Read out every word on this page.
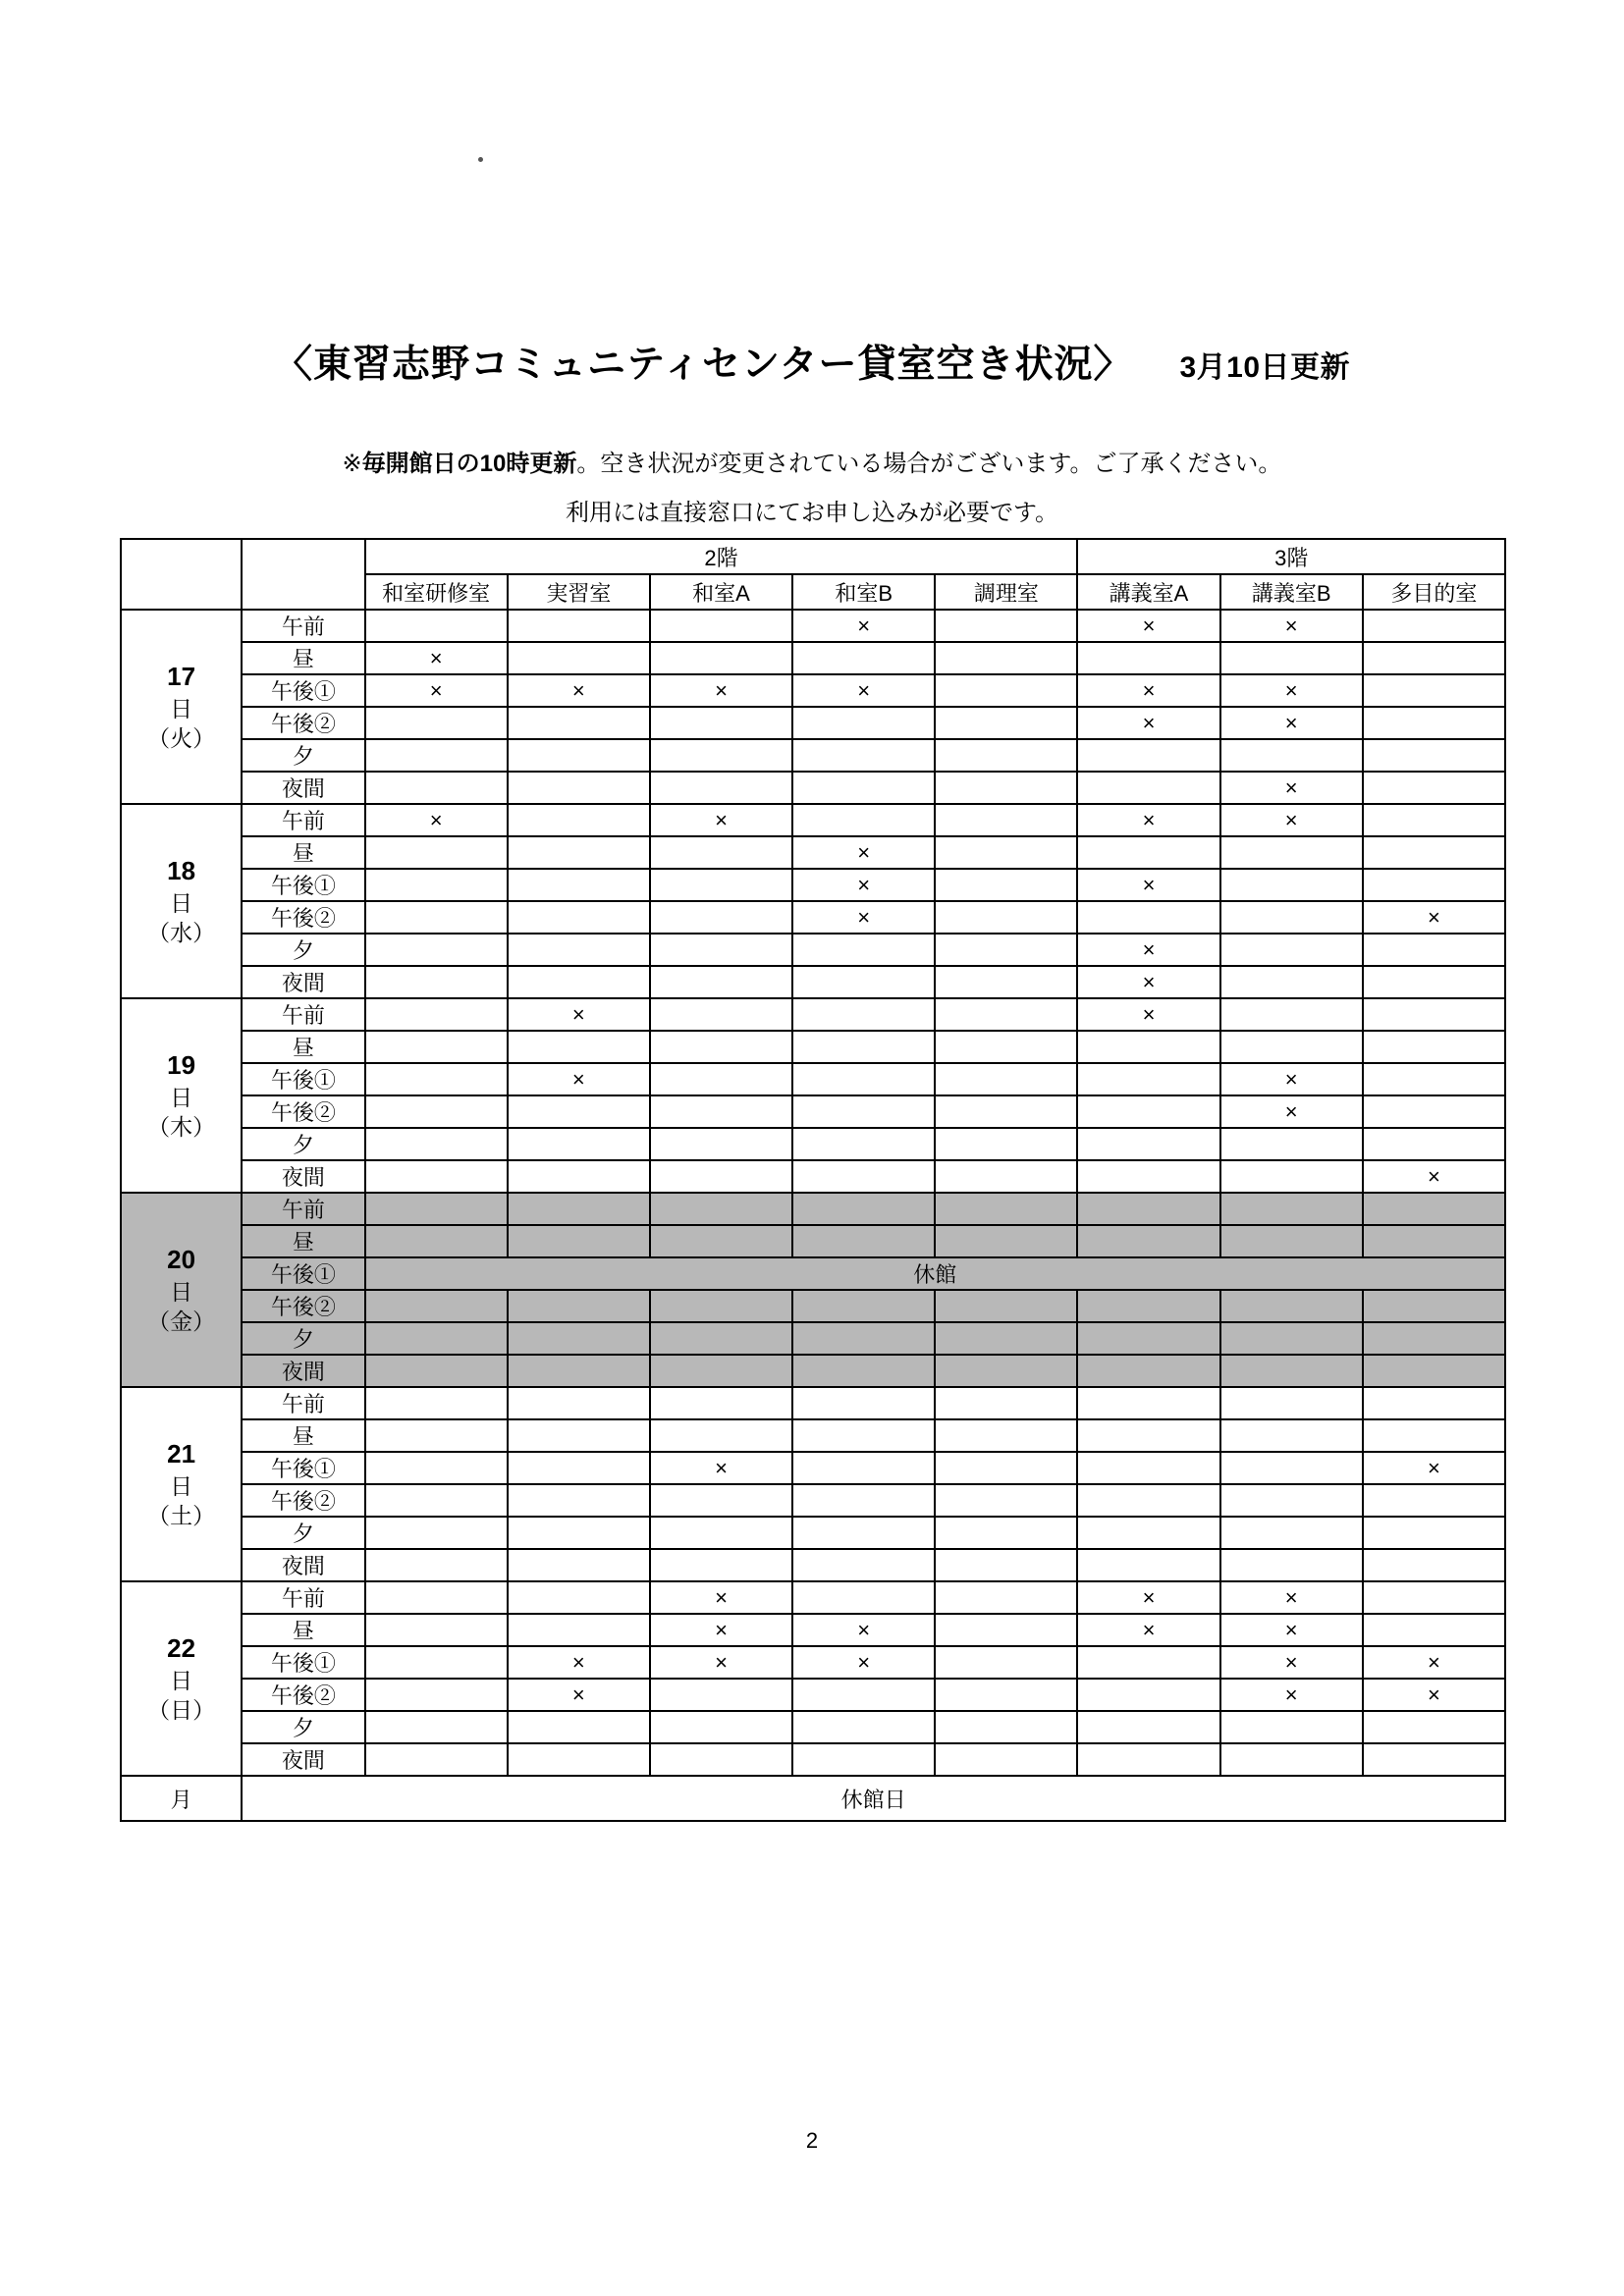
〈東習志野コミュニティセンター貸室空き状況〉 3月10日更新
※毎開館日の10時更新。空き状況が変更されている場合がございます。ご了承ください。
利用には直接窓口にてお申し込みが必要です。
		2階					3階		
		和室研修室	実習室	和室A	和室B	調理室	講義室A	講義室B	多目的室

17
日
（火）	午前				×		×	×	
	昼	×							
	午後①	×	×	×	×		×	×	
	午後②						×	×	
	夕								
	夜間							×	

18
日
（水）	午前	×		×			×	×	
	昼				×				
	午後①				×		×		
	午後②				×				×
	夕						×		
	夜間						×		

19
日
（木）	午前		×				×		
	昼								
	午後①		×					×	
	午後②							×	
	夕								
	夜間								×

20
日
（金）	午前								
	昼								
	午後①	休館							
	午後②								
	夕								
	夜間								

21
日
（土）	午前								
	昼								
	午後①			×					×
	午後②								
	夕								
	夜間								

22
日
（日）	午前			×			×	×	
	昼			×	×		×	×	
	午後①		×	×	×			×	×
	午後②		×					×	×
	夕								
	夜間								
月	休館日								
2
